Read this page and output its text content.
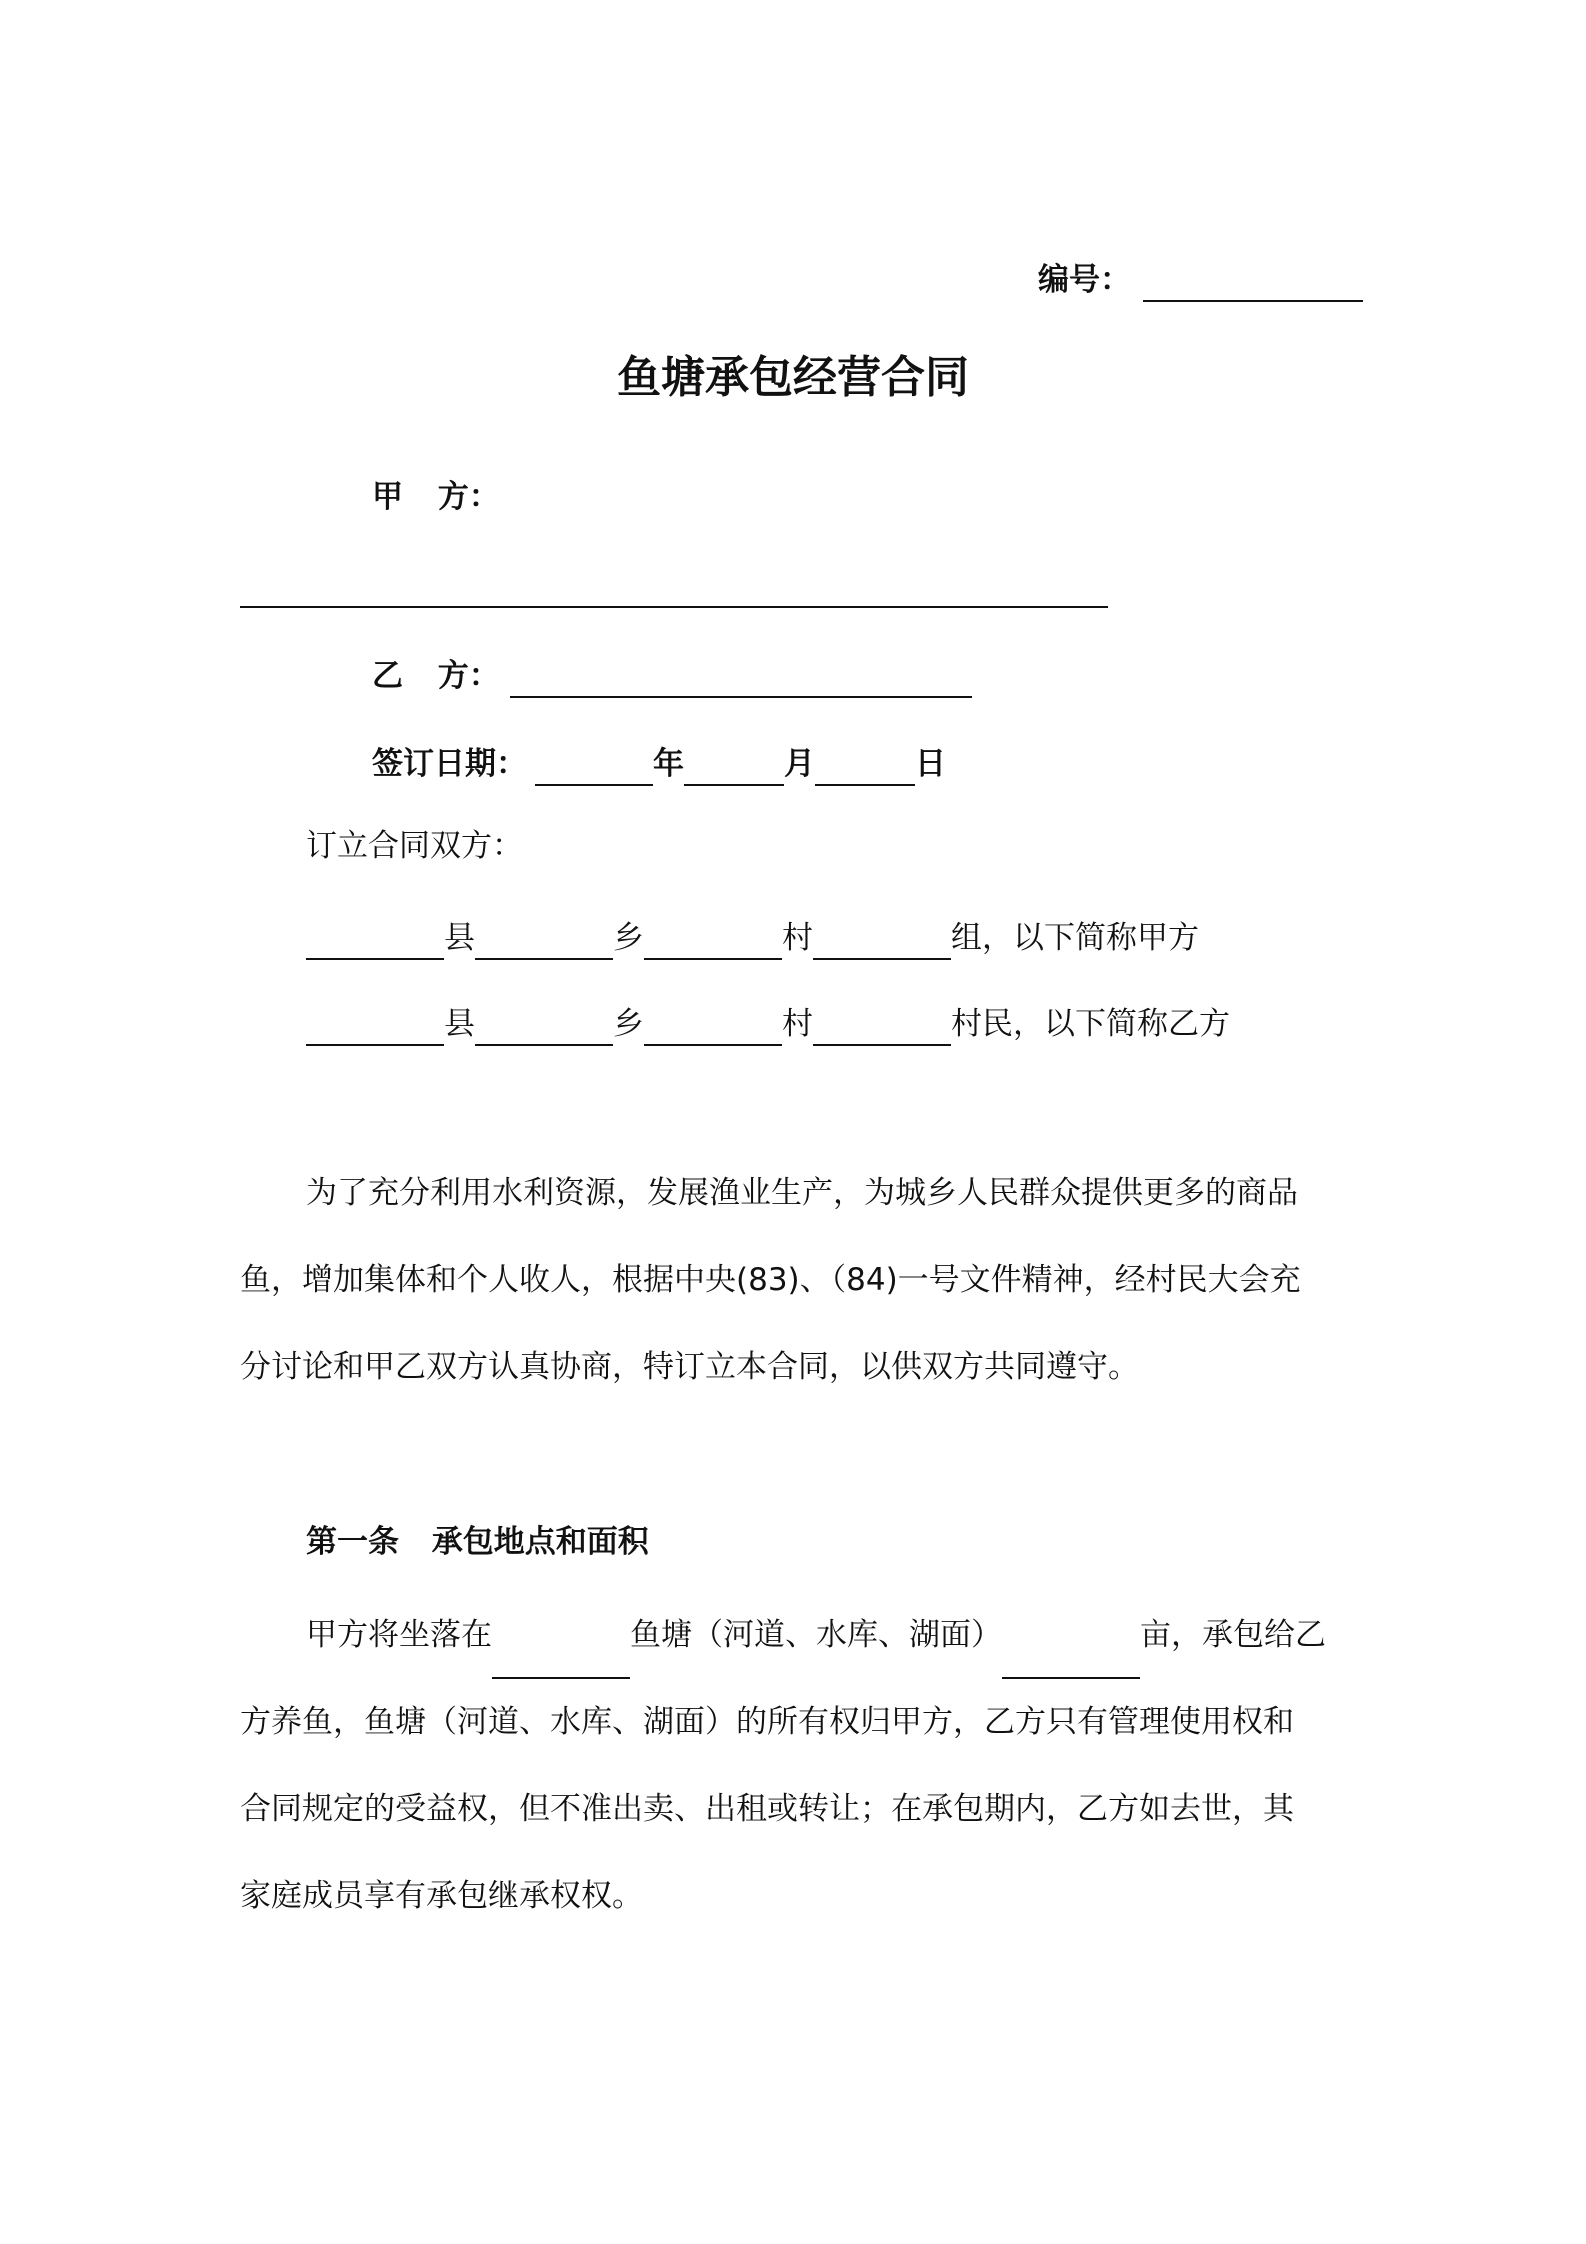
编号：
鱼塘承包经营合同
甲 方：
乙 方：
签订日期：	年	月	日
订立合同双方：
县	乡	村	组，以下简称甲方
县	乡	村	村民，以下简称乙方
为了充分利用水利资源，发展渔业生产，为城乡人民群众提供更多的商品
鱼，增加集体和个人收人，根据中央(83)、（84)一号文件精神，经村民大会充
分讨论和甲乙双方认真协商，特订立本合同，以供双方共同遵守。
第一条 承包地点和面积
甲方将坐落在	鱼塘（河道、水库、湖面）	亩，承包给乙
方养鱼，鱼塘（河道、水库、湖面）的所有权归甲方，乙方只有管理使用权和
合同规定的受益权，但不准出卖、出租或转让；在承包期内，乙方如去世，其
家庭成员享有承包继承权权。
